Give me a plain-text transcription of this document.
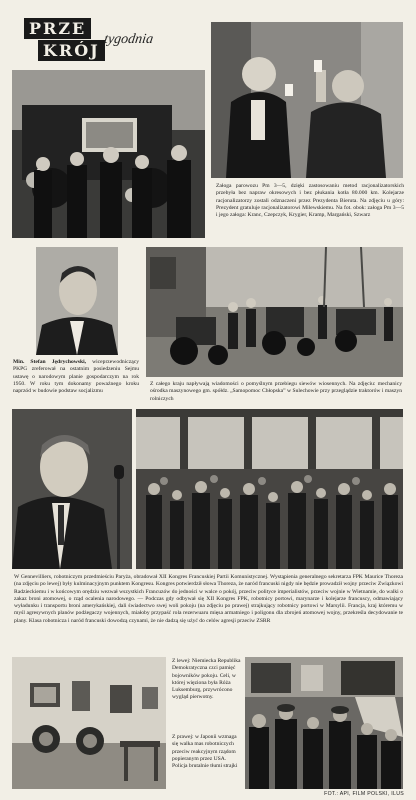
PRZE
KRÓJ
tygodnia

Załoga parowozu Pm 3—5, dzięki zastosowaniu metod racjonalizatorskich przebyła bez napraw okresowych i bez płukania kotła 80.000 km. Kolejarze racjonalizatorzy zostali odznaczeni przez Prezydenta Bieruta. Na zdjęciu u góry: Prezydent gratuluje racjonalizatorowi Milewskiemu. Na fot. obok: załoga Pm 3—5 i jego załoga: Kranc, Czepczyk, Krygier, Kramp, Margański, Szwarz

Min. Stefan Jędrychowski, wiceprzewodniczący PKPG zreferował na ostatnim posiedzeniu Sejmu ustawę o narodowym planie gospodarczym na rok 1950. W roku tym dokonamy poważnego kroku naprzód w budowie podstaw socjalizmu

Z całego kraju napływają wiadomości o pomyślnym przebiegu siewów wiosennych. Na zdjęciu: mechanicy ośrodka maszynowego gm. spółdz. „Samopomoc Chłopska” w Sulechowie przy przeglądzie traktorów i maszyn rolniczych

W Gennevilliers, robotniczym przedmieściu Paryża, obradował XII Kongres Francuskiej Partii Komunistycznej. Wystąpienia generalnego sekretarza FPK Maurice Thoreza (na zdjęciu po lewej) były kulminacyjnym punktem Kongresu. Kongres potwierdził słowa Thoreza, że naród francuski nigdy nie będzie prowadził wojny przeciw Związkowi Radzieckiemu i w końcowym orędziu wezwał wszystkich Francuzów do jedności w walce o pokój, przeciw polityce imperialistów, przeciw wojnie w Wietnamie, do walki o zakaz broni atomowej, o rząd ocalenia narodowego. — Podczas gdy odbywał się XII Kongres FPK, robotnicy portowi, marynarze i kolejarze francuscy, odmawiający wyładunku i transportu broni amerykańskiej, dali świadectwo swej woli pokoju (na zdjęciu po prawej) strajkujący robotnicy portowi w Marsylii. Francja, kraj któremu w myśl agresywnych planów podżegaczy wojennych, miałoby przypaść rola rezerwuaru mięsa armatniego i poligonu dla zbrojeń atomowej wojny, przekreśla decydowanie te plany. Klasa robotnicza i naród francuski dowodzą czynami, że nie dadzą się użyć do celów agresji przeciw ZSRR

Z lewej: Niemiecka Republika Demokratyczna czci pamięć bojowników pokoju. Celi, w której więziona była Róża Luksemburg, przywrócono wygląd pierwotny.

Z prawej: w Japonii wzmaga się walka mas robotniczych przeciw reakcyjnym rządom popieranym przez USA. Policja brutalnie tłumi strajki

FOT.: API, FILM POLSKI, ILUS
